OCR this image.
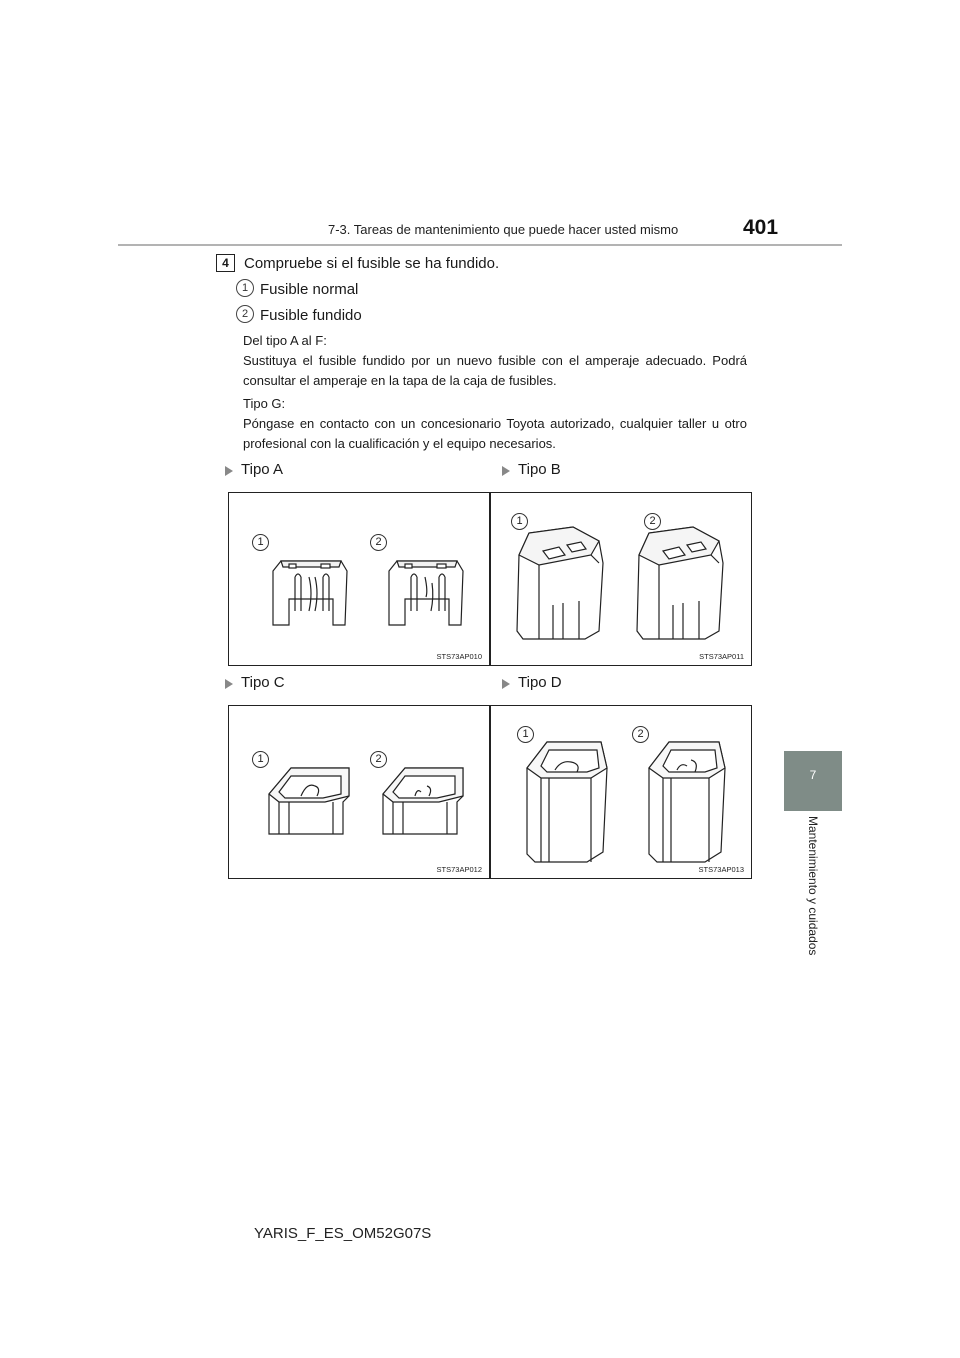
7-3. Tareas de mantenimiento que puede hacer usted mismo	401
7
Mantenimiento y cuidados
4	Compruebe si el fusible se ha fundido.
1 Fusible normal
2 Fusible fundido
Del tipo A al F:
Sustituya el fusible fundido por un nuevo fusible con el amperaje adecuado. Podrá consultar el amperaje en la tapa de la caja de fusibles.
Tipo G:
Póngase en contacto con un concesionario Toyota autorizado, cualquier taller u otro profesional con la cualificación y el equipo necesarios.
Tipo A	Tipo B
Tipo C	Tipo D
1	2
STS73AP010
1	2
STS73AP011
1	2
STS73AP012
1	2
STS73AP013
YARIS_F_ES_OM52G07S
